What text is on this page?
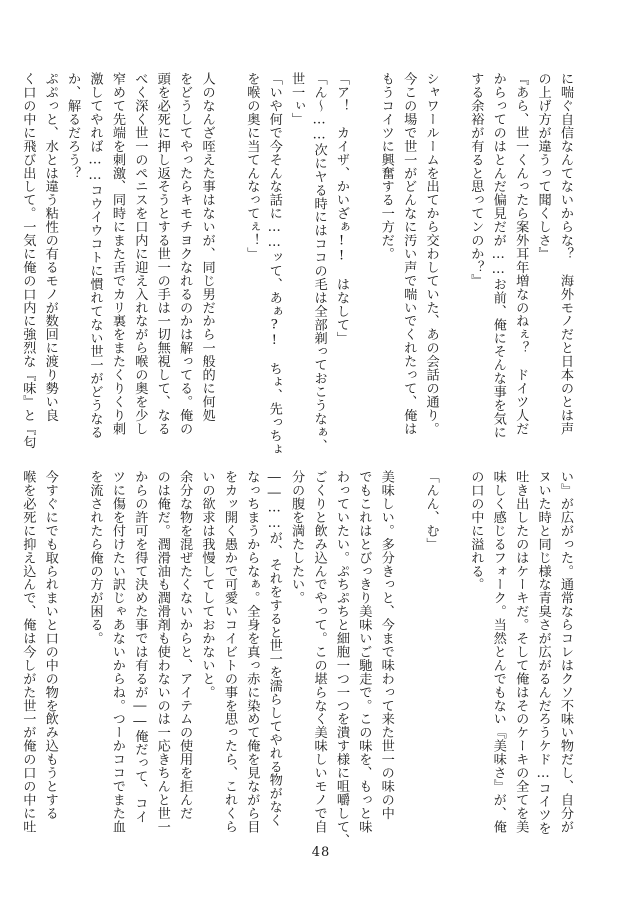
に喘ぐ自信なんてないからな？　海外モノだと日本のとは声

の上げ方が違うって聞くしさ』

『あら、世一くんったら案外耳年増なのねぇ？　ドイツ人だ

からってのはとんだ偏見だが……お前、俺にそんな事を気に

する余裕が有ると思ってンのか？』

シャワールームを出てから交わしていた、あの会話の通り。

今この場で世一がどんなに汚い声で喘いでくれたって、俺は

もうコイツに興奮する一方だ。

「ア！　カイザ、かいざぁ!!　はなして」

「ん～……次にヤる時にはココの毛は全部剃っておこうなぁ、

世一ぃ」

「いや何で今そんな話に……ッて、あぁ?!　ちょ、先っちょ

を喉の奥に当てんなってぇ！」

人のなんざ咥えた事はないが、同じ男だから一般的に何処

をどうしてやったらキモチヨクなれるのかは解ってる。俺の

頭を必死に押し返そうとする世一の手は一切無視して、なる

べく深く世一のペニスを口内に迎え入れながら喉の奥を少し

窄めて先端を刺激、同時にまた舌でカリ裏をまたくりくり刺

激してやれば……コウイウコトに慣れてない世一がどうなる

か、解るだろう？

ぷぷっと、水とは違う粘性の有るモノが数回に渡り勢い良

く口の中に飛び出して。一気に俺の口内に強烈な『味』と『匂

い』が広がった。通常ならコレはクソ不味い物だし、自分が

ヌいた時と同じ様な青臭さが広がるんだろうケド…コイツを

吐き出したのはケーキだ。そして俺はそのケーキの全てを美

味しく感じるフォーク。当然とんでもない『美味さ』が、俺

の口の中に溢れる。

「んん、む」

美味しい。多分きっと、今まで味わって来た世一の味の中

でもこれはとびっきり美味いご馳走で。この味を、もっと味

わっていたい。ぷちぷちと細胞一つ一つを潰す様に咀嚼して、

ごくりと飲み込んでやって。この堪らなく美味しいモノで自

分の腹を満たしたい。

――……が、それをすると世一を濡らしてやれる物がなく

なっちまうからなぁ。全身を真っ赤に染めて俺を見ながら目

をカッ開く愚かで可愛いコイビトの事を思ったら、これくら

いの欲求は我慢してしておかないと。

余分な物を混ぜたくないからと、アイテムの使用を拒んだ

のは俺だ。潤滑油も潤滑剤も使わないのは一応きちんと世一

からの許可を得て決めた事では有るが――俺だって、コイ

ツに傷を付けたい訳じゃあないからね。つーかココでまた血

を流されたら俺の方が困る。

今すぐにでも取られまいと口の中の物を飲み込もうとする

喉を必死に抑え込んで、俺は今しがた世一が俺の口の中に吐

48
